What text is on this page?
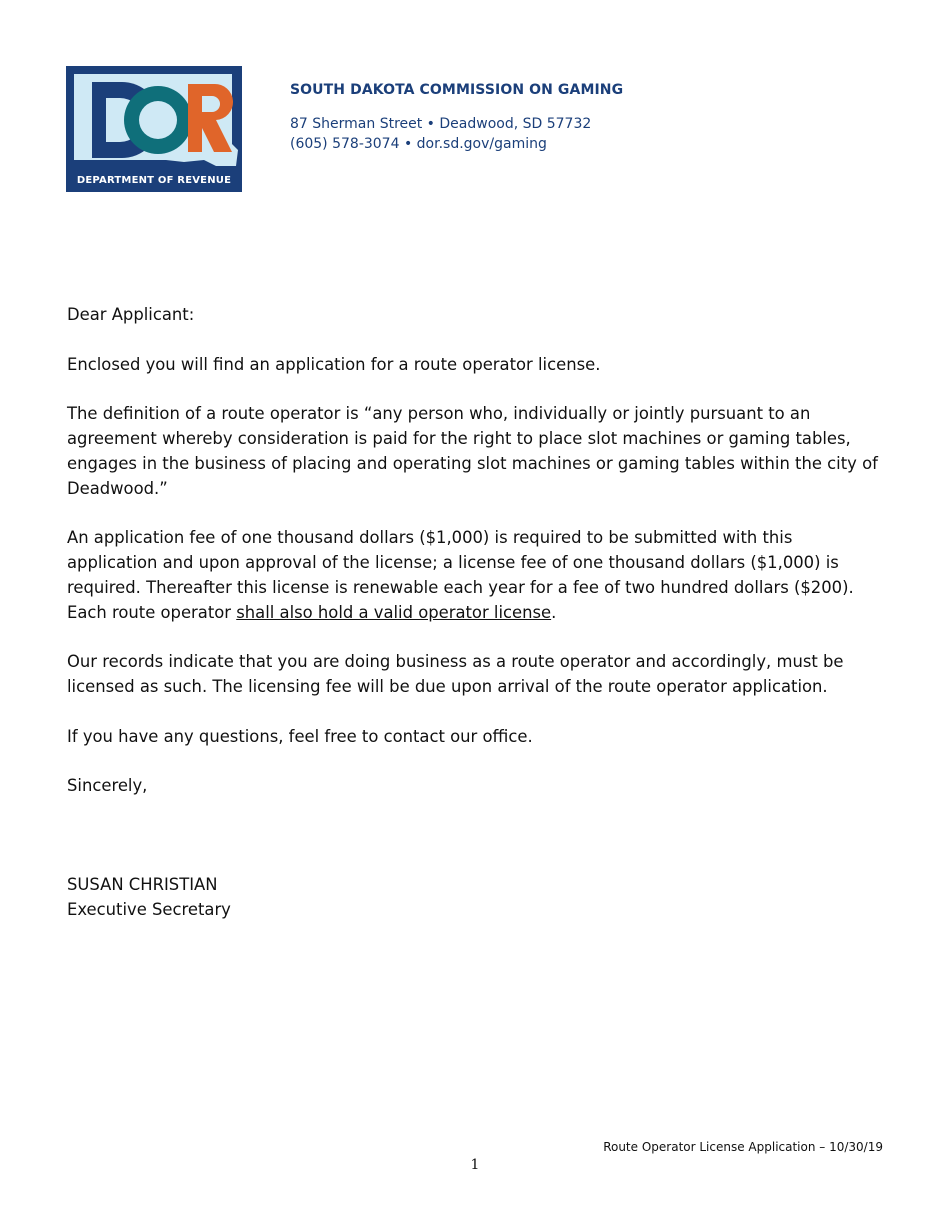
SD
DEPARTMENT OF REVENUE
SOUTH DAKOTA COMMISSION ON GAMING
87 Sherman Street • Deadwood, SD 57732
(605) 578-3074 • dor.sd.gov/gaming

Dear Applicant:

Enclosed you will find an application for a route operator license.

The definition of a route operator is “any person who, individually or jointly pursuant to an agreement whereby consideration is paid for the right to place slot machines or gaming tables, engages in the business of placing and operating slot machines or gaming tables within the city of Deadwood.”

An application fee of one thousand dollars ($1,000) is required to be submitted with this application and upon approval of the license; a license fee of one thousand dollars ($1,000) is required. Thereafter this license is renewable each year for a fee of two hundred dollars ($200). Each route operator shall also hold a valid operator license.

Our records indicate that you are doing business as a route operator and accordingly, must be licensed as such. The licensing fee will be due upon arrival of the route operator application.

If you have any questions, feel free to contact our office.

Sincerely,

SUSAN CHRISTIAN

Executive Secretary

Route Operator License Application – 10/30/19
1
